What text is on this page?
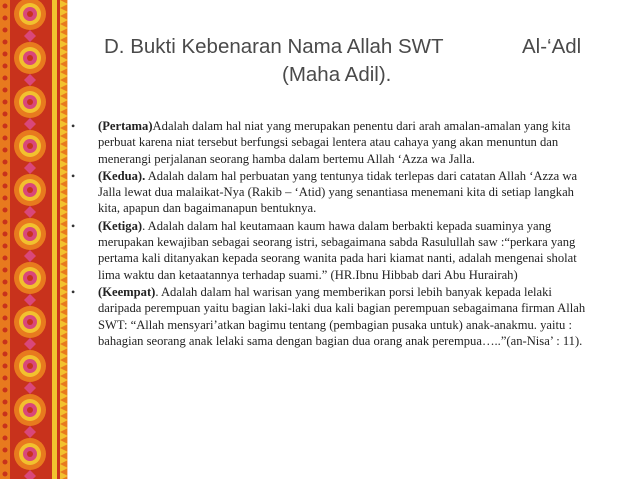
D. Bukti Kebenaran Nama Allah SWT	Al-‘Adl
(Maha Adil).
• (Pertama)Adalah dalam hal niat yang merupakan penentu dari arah amalan-amalan yang kita perbuat karena niat tersebut berfungsi sebagai lentera atau cahaya yang akan menuntun dan menerangi perjalanan seorang hamba dalam bertemu Allah ‘Azza wa Jalla.
• (Kedua). Adalah dalam hal perbuatan yang tentunya tidak terlepas dari catatan Allah ‘Azza wa Jalla lewat dua malaikat-Nya (Rakib – ‘Atid) yang senantiasa menemani kita di setiap langkah kita, apapun dan bagaimanapun bentuknya.
• (Ketiga). Adalah dalam hal keutamaan kaum hawa dalam berbakti kepada suaminya yang merupakan kewajiban sebagai seorang istri, sebagaimana sabda Rasulullah saw :“perkara yang pertama kali ditanyakan kepada seorang wanita pada hari kiamat nanti, adalah mengenai sholat lima waktu dan ketaatannya terhadap suami.” (HR.Ibnu Hibbab dari Abu Hurairah)
• (Keempat). Adalah dalam hal warisan yang memberikan porsi lebih banyak kepada lelaki daripada perempuan yaitu bagian laki-laki dua kali bagian perempuan sebagaimana firman Allah SWT: “Allah mensyari’atkan bagimu tentang (pembagian pusaka untuk) anak-anakmu. yaitu : bahagian seorang anak lelaki sama dengan bagian dua orang anak perempua…..”(an-Nisa’ : 11).
